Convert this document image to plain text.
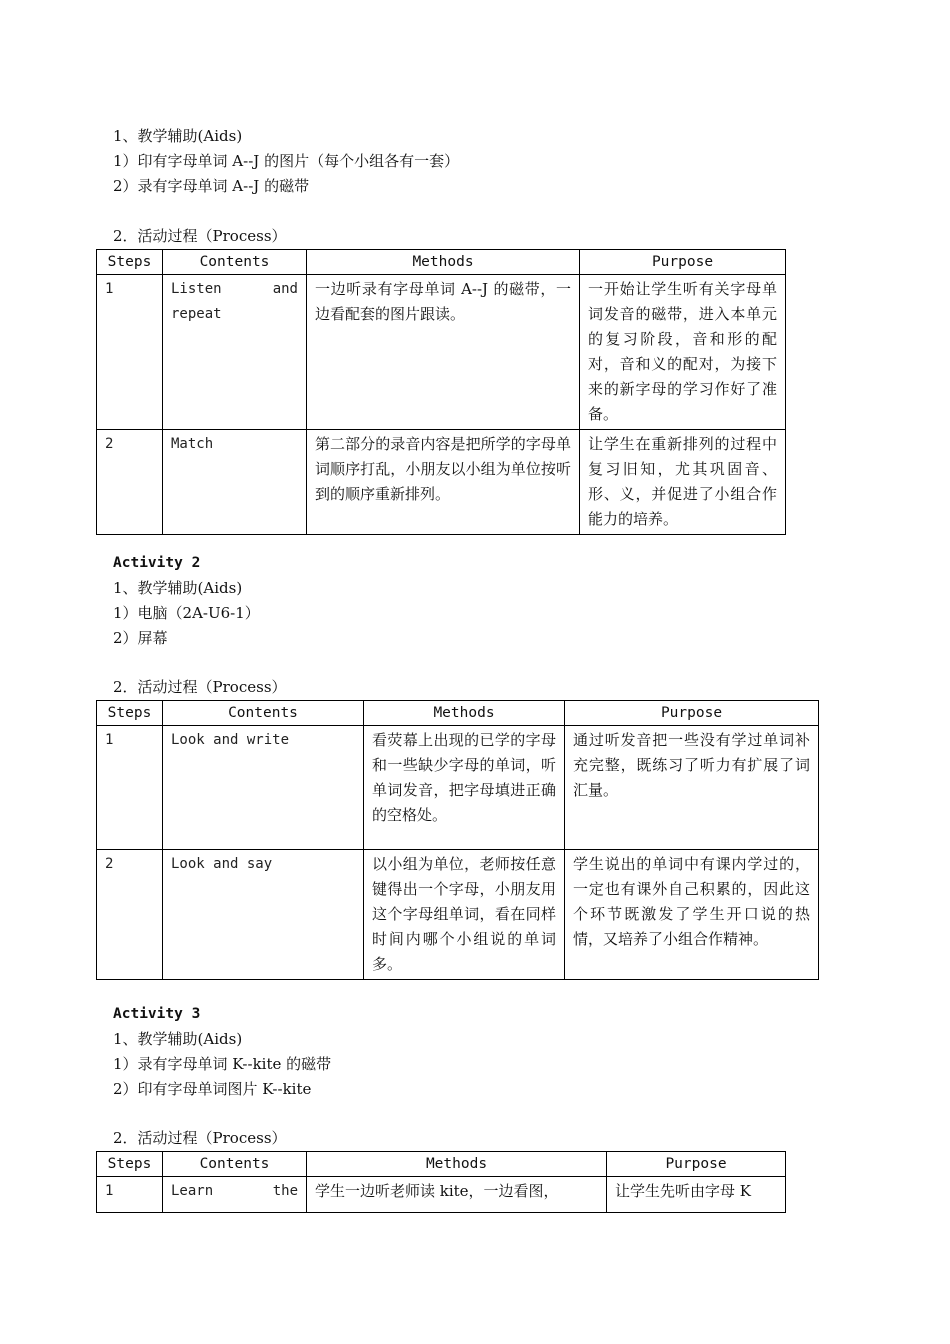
1、教学辅助(Aids)
1）印有字母单词 A--J 的图片（每个小组各有一套）
2）录有字母单词 A--J 的磁带
2．活动过程（Process）
Steps	Contents	Methods	Purpose
1	Listen and repeat	一边听录有字母单词 A--J 的磁带，一边看配套的图片跟读。	一开始让学生听有关字母单词发音的磁带，进入本单元的复习阶段，音和形的配对，音和义的配对，为接下来的新字母的学习作好了准备。
2	Match	第二部分的录音内容是把所学的字母单词顺序打乱，小朋友以小组为单位按听到的顺序重新排列。	让学生在重新排列的过程中复习旧知，尤其巩固音、形、义，并促进了小组合作能力的培养。
Activity 2
1、教学辅助(Aids)
1）电脑（2A-U6-1）
2）屏幕
2．活动过程（Process）
Steps	Contents	Methods	Purpose
1	Look and write	看荧幕上出现的已学的字母和一些缺少字母的单词，听单词发音，把字母填进正确的空格处。	通过听发音把一些没有学过单词补充完整，既练习了听力有扩展了词汇量。
2	Look and say	以小组为单位，老师按任意键得出一个字母，小朋友用这个字母组单词，看在同样时间内哪个小组说的单词多。	学生说出的单词中有课内学过的，一定也有课外自己积累的，因此这个环节既激发了学生开口说的热情，又培养了小组合作精神。
Activity 3
1、教学辅助(Aids)
1）录有字母单词 K--kite 的磁带
2）印有字母单词图片 K--kite
2．活动过程（Process）
Steps	Contents	Methods	Purpose
1	Learn the	学生一边听老师读 kite，一边看图，	让学生先听由字母 K
